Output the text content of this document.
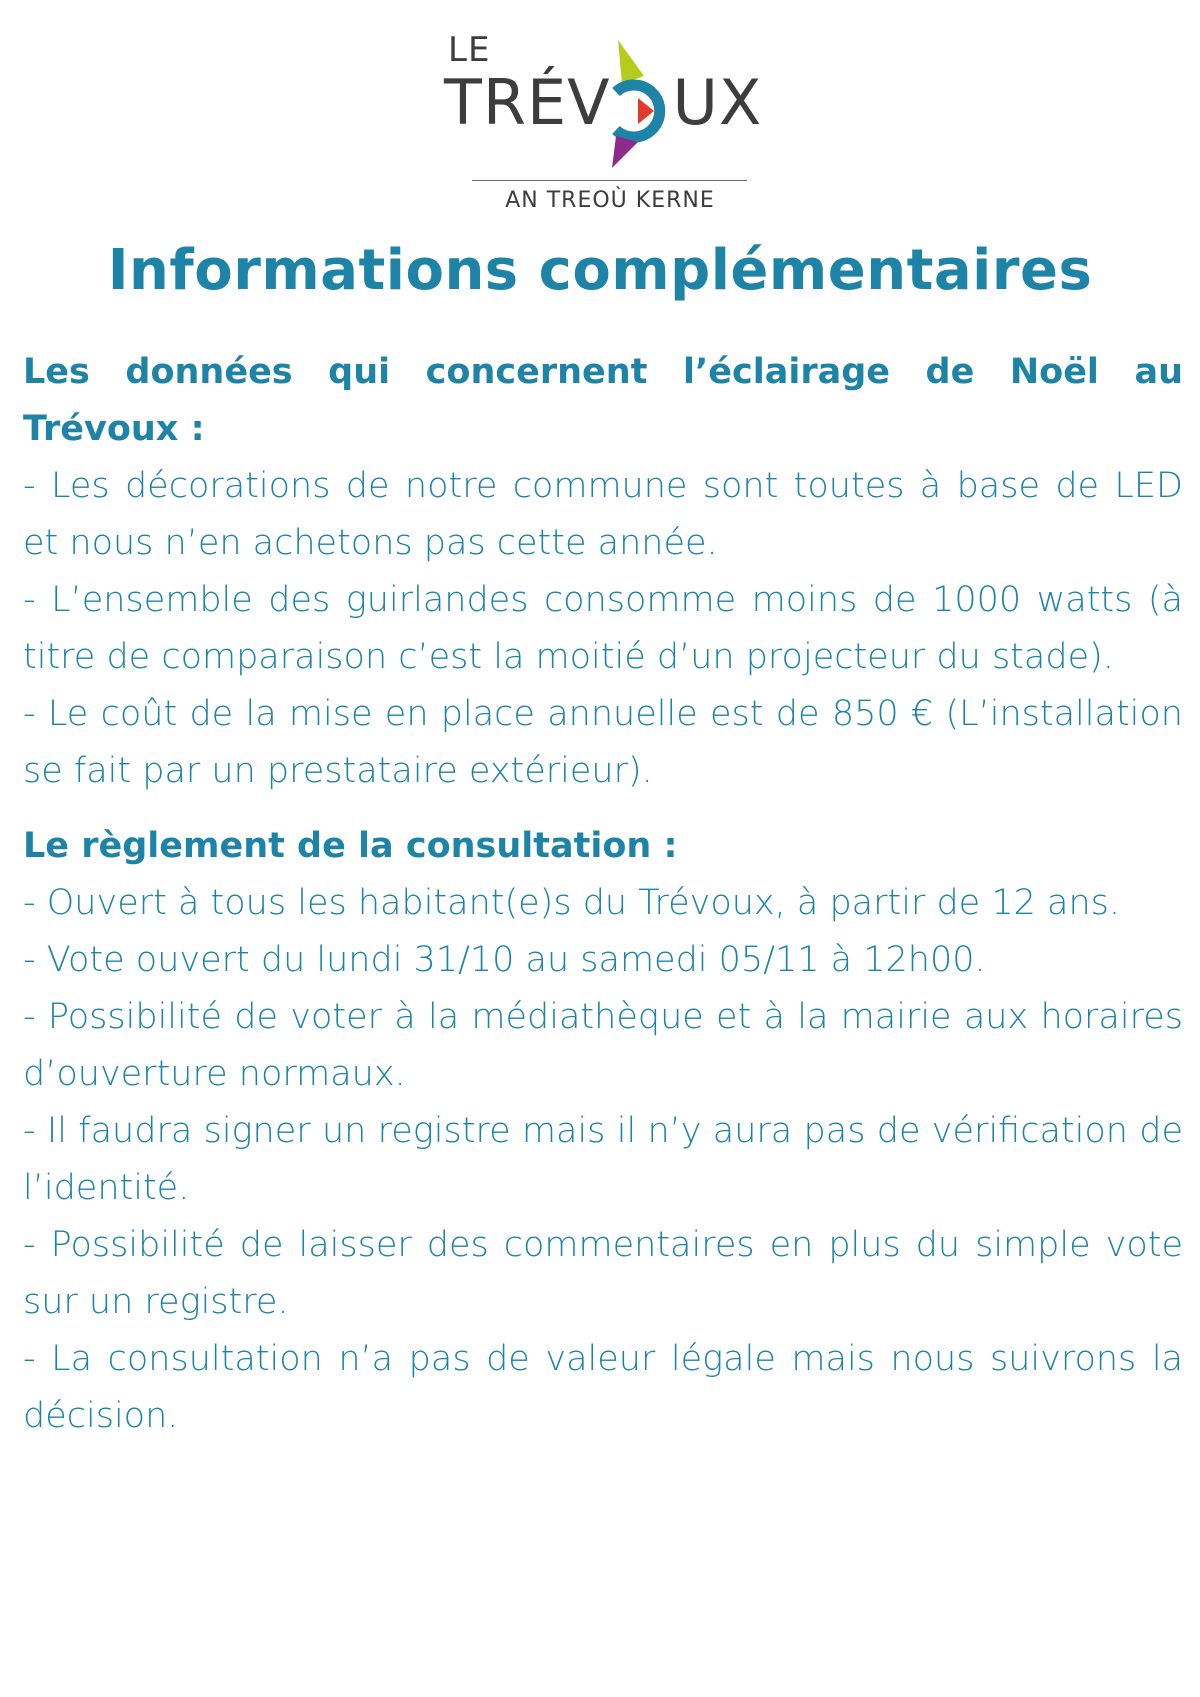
LE
TRÉV UX
AN TREOÙ KERNE
Informations complémentaires

Les données qui concernent l’éclairage de Noël au Trévoux :

- Les décorations de notre commune sont toutes à base de LED et nous n’en achetons pas cette année.

- L’ensemble des guirlandes consomme moins de 1000 watts (à titre de comparaison c’est la moitié d’un projecteur du stade).

- Le coût de la mise en place annuelle est de 850 € (L’installation se fait par un prestataire extérieur).

Le règlement de la consultation :

- Ouvert à tous les habitant(e)s du Trévoux, à partir de 12 ans.

- Vote ouvert du lundi 31/10 au samedi 05/11 à 12h00.

- Possibilité de voter à la médiathèque et à la mairie aux horaires d’ouverture normaux.

- Il faudra signer un registre mais il n’y aura pas de vérification de l’identité.

- Possibilité de laisser des commentaires en plus du simple vote sur un registre.

- La consultation n’a pas de valeur légale mais nous suivrons la décision.
